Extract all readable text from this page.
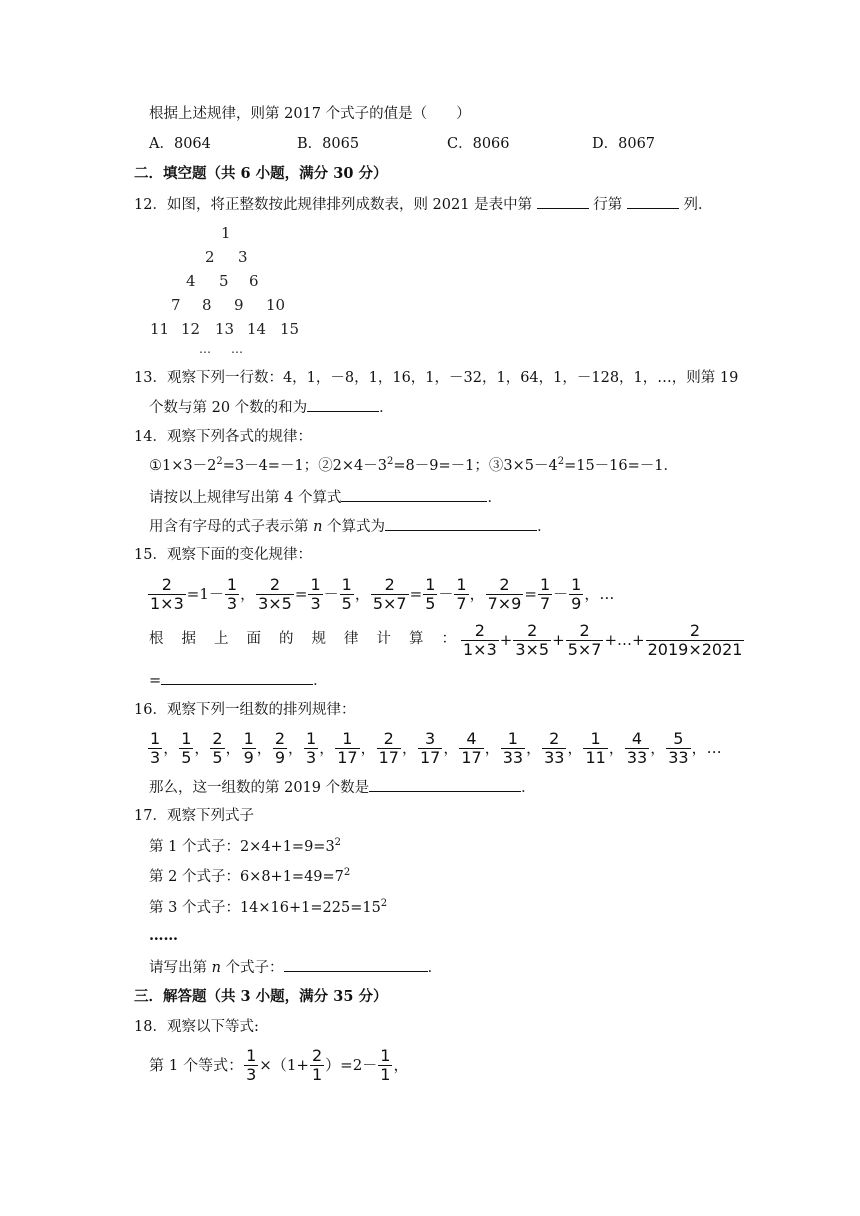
根据上述规律，则第 2017 个式子的值是（　　）
A．8064	B．8065	C．8066	D．8067
二．填空题（共 6 小题，满分 30 分）
12．如图，将正整数按此规律排列成数表，则 2021 是表中第	行第	列．
1
2 3
4 5 6
7 8 9 10
11 12 13 14 15
… …
13．观察下列一行数：4，1，－8，1，16，1，－32，1，64，1，－128，1，…，则第 19
个数与第 20 个数的和为	．
14．观察下列各式的规律：
$①1\times 3-2^2=3-4=-1$；$②2\times 4-3^2=8-9=-1$；$③3\times 5-4^2=15-16=-1$．
请按以上规律写出第 4 个算式	．
用含有字母的式子表示第 n 个算式为	．
15．观察下面的变化规律：
$\frac{2}{1\times 3} =1- \frac{1}{3}$ ， $\frac{2}{3\times 5} = \frac{1}{3} - \frac{1}{5}$ ， $\frac{2}{5\times 7} = \frac{1}{5} - \frac{1}{7}$ ， $\frac{2}{7\times 9} = \frac{1}{7} - \frac{1}{9}$ ，…
根据上面的规律计算：
$\frac{2}{1\times 3} + \frac{2}{3\times 5} + \frac{2}{5\times 7}$ +…+ $\frac{2}{2019\times 2021}$
=	．
16．观察下列一组数的排列规律：
$\frac{1}{3}$ ， $\frac{1}{5}$ ， $\frac{2}{5}$ ， $\frac{1}{9}$ ， $\frac{2}{9}$ ， $\frac{1}{3}$ ， $\frac{1}{17}$ ， $\frac{2}{17}$ ， $\frac{3}{17}$ ， $\frac{4}{17}$ ， $\frac{1}{33}$ ， $\frac{2}{33}$ ， $\frac{1}{11}$ ， $\frac{4}{33}$ ， $\frac{5}{33}$ ，…
那么，这一组数的第 2019 个数是	．
17．观察下列式子
第 1 个式子：$2\times 4+1=9=3^2$
第 2 个式子：$6\times 8+1=49=7^2$
第 3 个式子：$14\times 16+1=225=15^2$
……
请写出第 n 个式子：	．
三．解答题（共 3 小题，满分 35 分）
18．观察以下等式:
第 1 个等式： $\frac{1}{3} \times(1+ \frac{2}{1} )=2- \frac{1}{1}$ ，
